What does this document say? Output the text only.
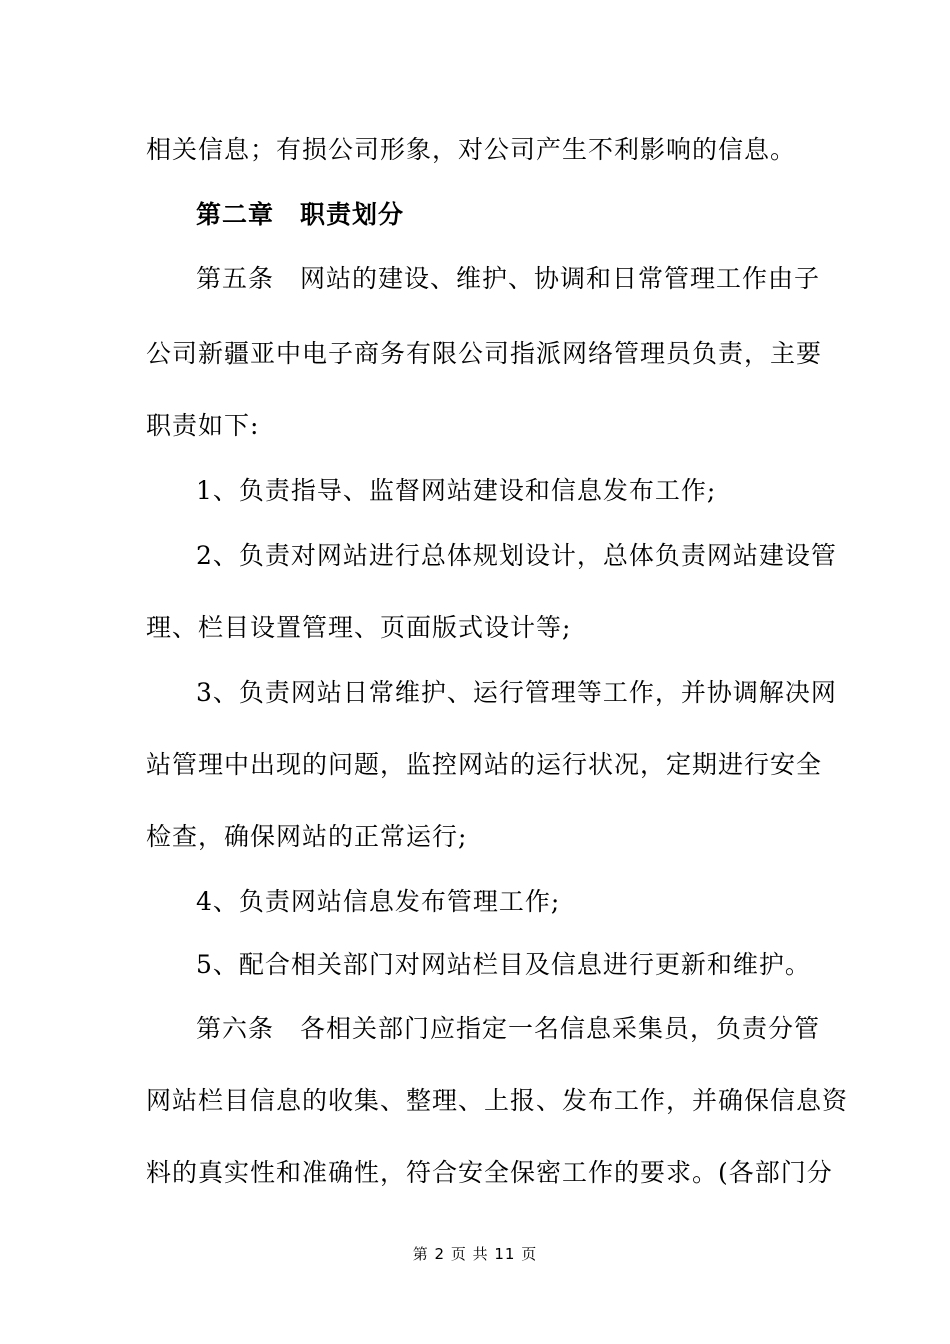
相关信息；有损公司形象，对公司产生不利影响的信息。
第二章　职责划分
第五条　网站的建设、维护、协调和日常管理工作由子
公司新疆亚中电子商务有限公司指派网络管理员负责，主要
职责如下:
1、负责指导、监督网站建设和信息发布工作;
2、负责对网站进行总体规划设计，总体负责网站建设管
理、栏目设置管理、页面版式设计等;
3、负责网站日常维护、运行管理等工作，并协调解决网
站管理中出现的问题，监控网站的运行状况，定期进行安全
检查，确保网站的正常运行;
4、负责网站信息发布管理工作;
5、配合相关部门对网站栏目及信息进行更新和维护。
第六条　各相关部门应指定一名信息采集员，负责分管
网站栏目信息的收集、整理、上报、发布工作，并确保信息资
料的真实性和准确性，符合安全保密工作的要求。(各部门分
第 2 页 共 11 页
